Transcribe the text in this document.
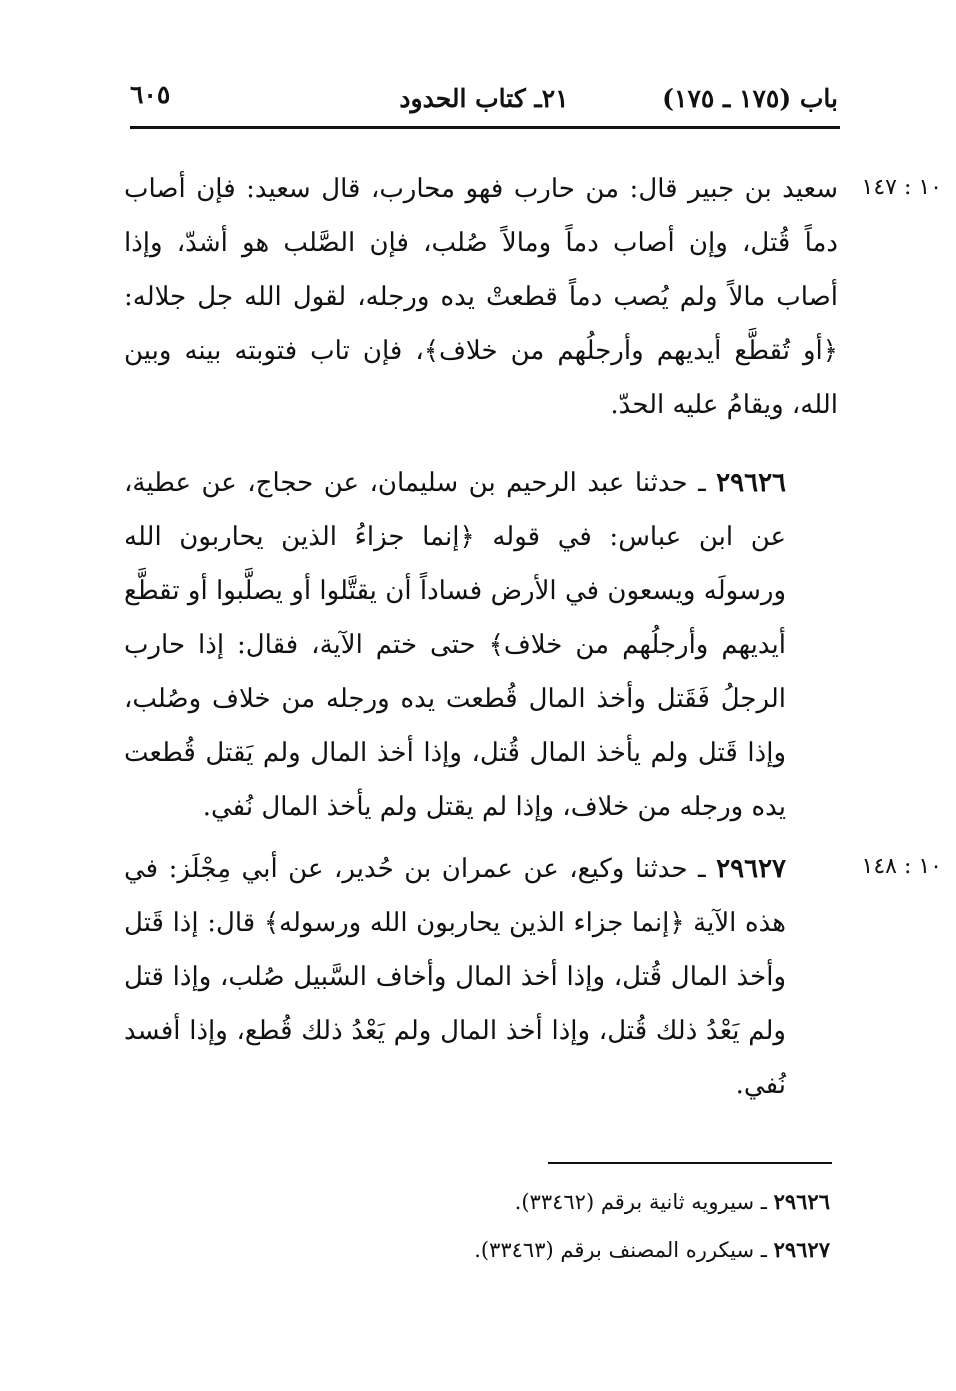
باب (١٧٥ ـ ١٧٥)
٢١ـ كتاب الحدود
٦٠٥
١٠ : ١٤٧
١٠ : ١٤٨
سعيد بن جبير قال: من حارب فهو محارب، قال سعيد: فإن أصاب دماً قُتل، وإن أصاب دماً ومالاً صُلب، فإن الصَّلب هو أشدّ، وإذا أصاب مالاً ولم يُصب دماً قطعتْ يده ورجله، لقول الله جل جلاله: ﴿أو تُقطَّع أيديهم وأرجلُهم من خلاف﴾، فإن تاب فتوبته بينه وبين الله، ويقامُ عليه الحدّ.
٢٩٦٢٦ ـ حدثنا عبد الرحيم بن سليمان، عن حجاج، عن عطية، عن ابن عباس: في قوله ﴿إنما جزاءُ الذين يحاربون الله ورسولَه ويسعون في الأرض فساداً أن يقتَّلوا أو يصلَّبوا أو تقطَّع أيديهم وأرجلُهم من خلاف﴾ حتى ختم الآية، فقال: إذا حارب الرجلُ فَقَتل وأخذ المال قُطعت يده ورجله من خلاف وصُلب، وإذا قَتل ولم يأخذ المال قُتل، وإذا أخذ المال ولم يَقتل قُطعت يده ورجله من خلاف، وإذا لم يقتل ولم يأخذ المال نُفي.
٢٩٦٢٧ ـ حدثنا وكيع، عن عمران بن حُدير، عن أبي مِجْلَز: في هذه الآية ﴿إنما جزاء الذين يحاربون الله ورسوله﴾ قال: إذا قَتل وأخذ المال قُتل، وإذا أخذ المال وأخاف السَّبيل صُلب، وإذا قتل ولم يَعْدُ ذلك قُتل، وإذا أخذ المال ولم يَعْدُ ذلك قُطع، وإذا أفسد نُفي.
٢٩٦٢٦ ـ سيرويه ثانية برقم (٣٣٤٦٢).
٢٩٦٢٧ ـ سيكرره المصنف برقم (٣٣٤٦٣).
